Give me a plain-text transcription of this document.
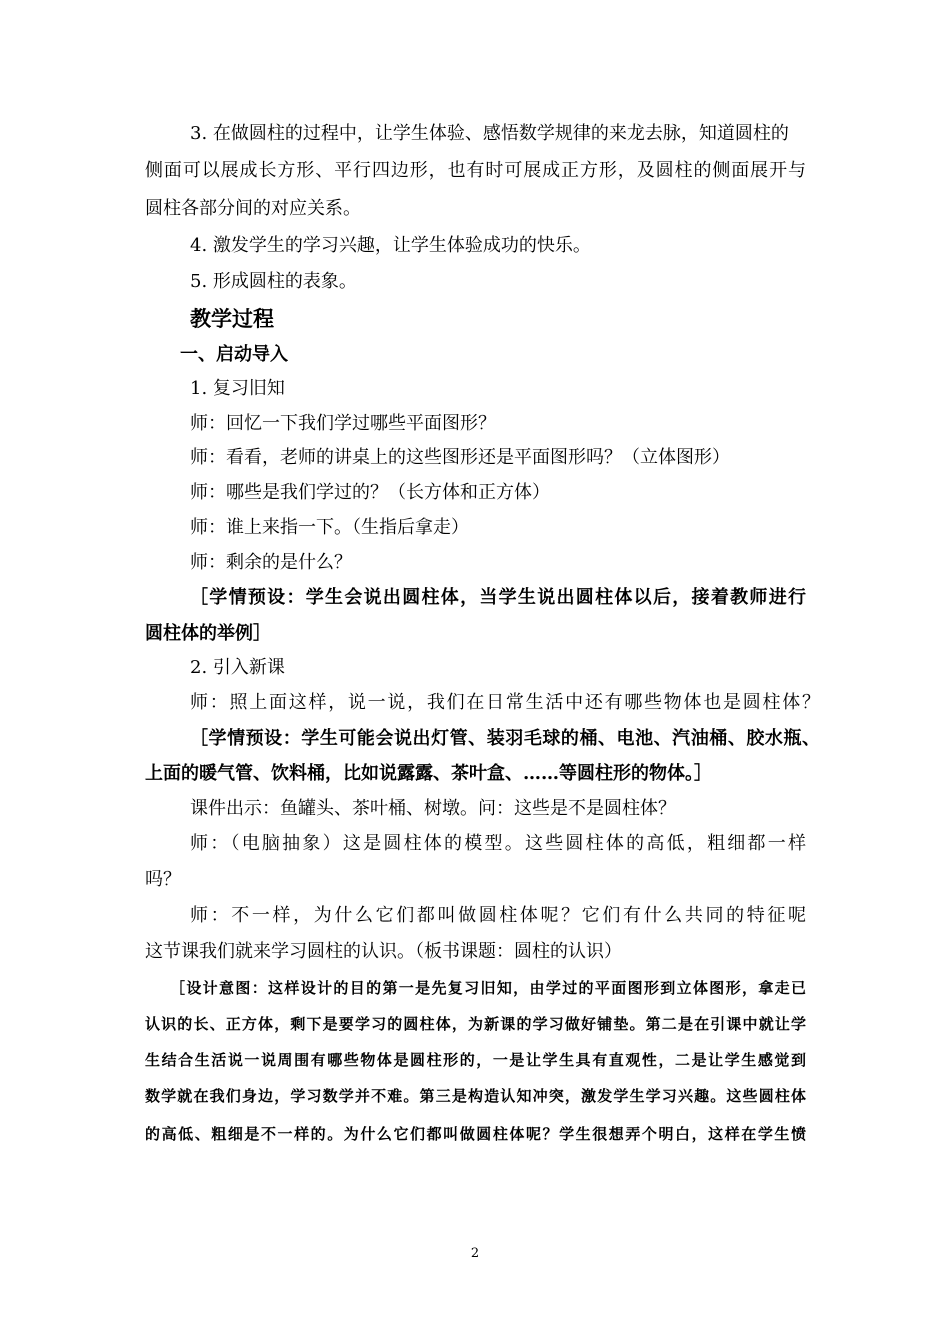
3. 在做圆柱的过程中，让学生体验、感悟数学规律的来龙去脉，知道圆柱的
侧面可以展成长方形、平行四边形，也有时可展成正方形，及圆柱的侧面展开与
圆柱各部分间的对应关系。
4. 激发学生的学习兴趣，让学生体验成功的快乐。
5. 形成圆柱的表象。
教学过程
一、启动导入
1. 复习旧知
师：回忆一下我们学过哪些平面图形？
师：看看，老师的讲桌上的这些图形还是平面图形吗？（立体图形）
师：哪些是我们学过的？（长方体和正方体）
师：谁上来指一下。（生指后拿走）
师：剩余的是什么？
［学情预设：学生会说出圆柱体，当学生说出圆柱体以后，接着教师进行
圆柱体的举例］
2. 引入新课
师：照上面这样，说一说，我们在日常生活中还有哪些物体也是圆柱体？
［学情预设：学生可能会说出灯管、装羽毛球的桶、电池、汽油桶、胶水瓶、
上面的暖气管、饮料桶，比如说露露、茶叶盒、……等圆柱形的物体。］
课件出示：鱼罐头、茶叶桶、树墩。问：这些是不是圆柱体？
师：（电脑抽象）这是圆柱体的模型。这些圆柱体的高低，粗细都一样
吗？
师：不一样，为什么它们都叫做圆柱体呢？它们有什么共同的特征呢
这节课我们就来学习圆柱的认识。（板书课题：圆柱的认识）
［设计意图：这样设计的目的第一是先复习旧知，由学过的平面图形到立体图形，拿走已
认识的长、正方体，剩下是要学习的圆柱体，为新课的学习做好铺垫。第二是在引课中就让学
生结合生活说一说周围有哪些物体是圆柱形的，一是让学生具有直观性，二是让学生感觉到
数学就在我们身边，学习数学并不难。第三是构造认知冲突，激发学生学习兴趣。这些圆柱体
的高低、粗细是不一样的。为什么它们都叫做圆柱体呢？学生很想弄个明白，这样在学生愤
2
